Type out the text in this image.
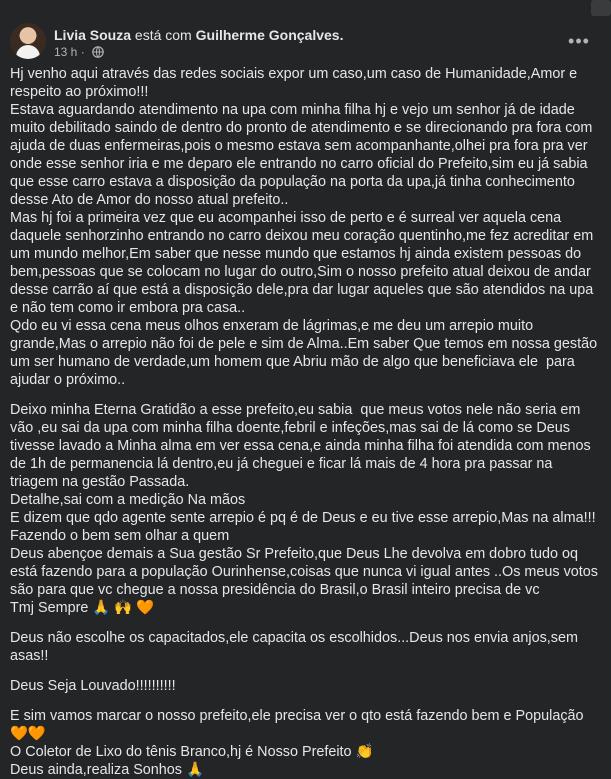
Livia Souza está com Guilherme Gonçalves.
13 h ·
•••

Hj venho aqui através das redes sociais expor um caso,um caso de Humanidade,Amor e respeito ao próximo!!!
Estava aguardando atendimento na upa com minha filha hj e vejo um senhor já de idade muito debilitado saindo de dentro do pronto de atendimento e se direcionando pra fora com ajuda de duas enfermeiras,pois o mesmo estava sem acompanhante,olhei pra fora pra ver onde esse senhor iria e me deparo ele entrando no carro oficial do Prefeito,sim eu já sabia que esse carro estava a disposição da população na porta da upa,já tinha conhecimento desse Ato de Amor do nosso atual prefeito..
Mas hj foi a primeira vez que eu acompanhei isso de perto e é surreal ver aquela cena daquele senhorzinho entrando no carro deixou meu coração quentinho,me fez acreditar em um mundo melhor,Em saber que nesse mundo que estamos hj ainda existem pessoas do bem,pessoas que se colocam no lugar do outro,Sim o nosso prefeito atual deixou de andar desse carrão aí que está a disposição dele,pra dar lugar aqueles que são atendidos na upa e não tem como ir embora pra casa..
Qdo eu vi essa cena meus olhos enxeram de lágrimas,e me deu um arrepio muito grande,Mas o arrepio não foi de pele e sim de Alma..Em saber Que temos em nossa gestão um ser humano de verdade,um homem que Abriu mão de algo que beneficiava ele  para ajudar o próximo..

Deixo minha Eterna Gratidão a esse prefeito,eu sabia  que meus votos nele não seria em vão ,eu sai da upa com minha filha doente,febril e infeções,mas sai de lá como se Deus tivesse lavado a Minha alma em ver essa cena,e ainda minha filha foi atendida com menos de 1h de permanencia lá dentro,eu já cheguei e ficar lá mais de 4 hora pra passar na triagem na gestão Passada.
Detalhe,sai com a medição Na mãos
E dizem que qdo agente sente arrepio é pq é de Deus e eu tive esse arrepio,Mas na alma!!!
Fazendo o bem sem olhar a quem
Deus abençoe demais a Sua gestão Sr Prefeito,que Deus Lhe devolva em dobro tudo oq está fazendo para a população Ourinhense,coisas que nunca vi igual antes ..Os meus votos são para que vc chegue a nossa presidência do Brasil,o Brasil inteiro precisa de vc
Tmj Sempre 🙏 🙌 🧡

Deus não escolhe os capacitados,ele capacita os escolhidos...Deus nos envia anjos,sem asas!!

Deus Seja Louvado!!!!!!!!!!

E sim vamos marcar o nosso prefeito,ele precisa ver o qto está fazendo bem e População 🧡🧡
O Coletor de Lixo do tênis Branco,hj é Nosso Prefeito 👏
Deus ainda,realiza Sonhos 🙏
